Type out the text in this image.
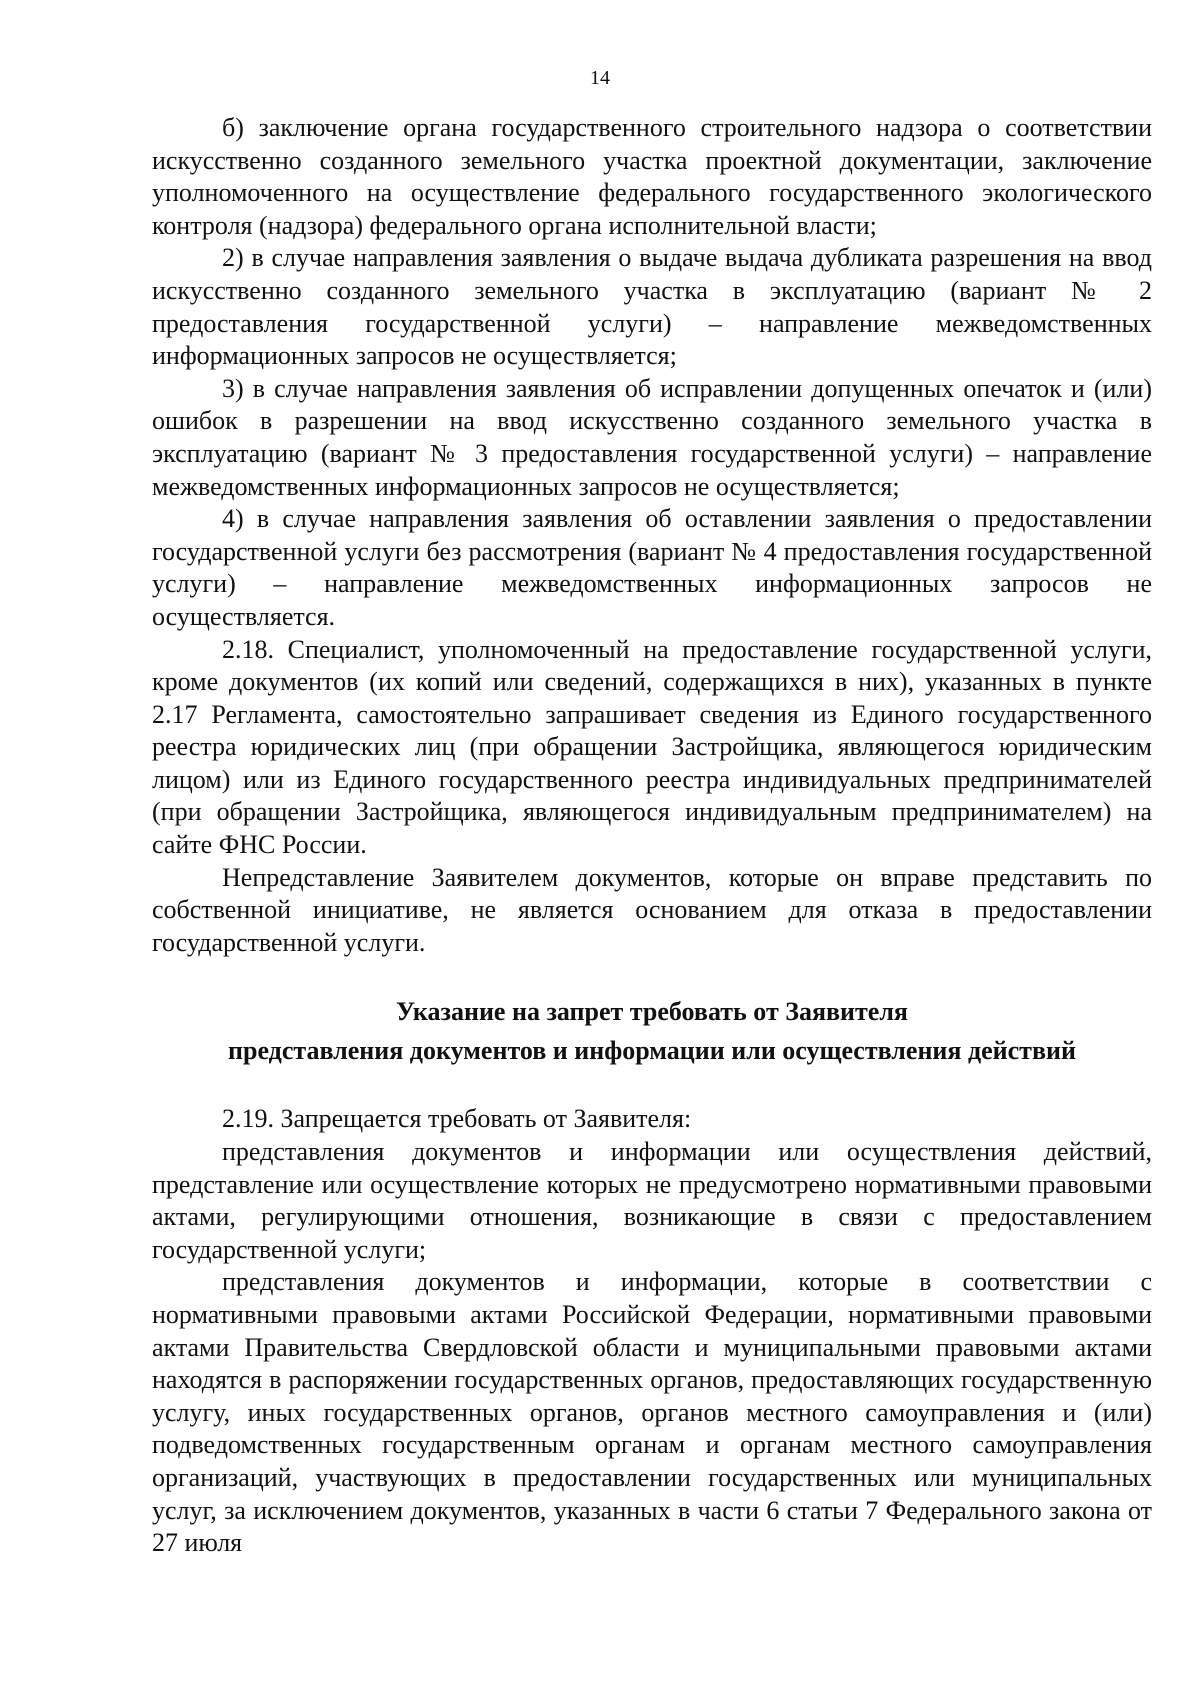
14

б) заключение органа государственного строительного надзора о соответствии искусственно созданного земельного участка проектной документации, заключение уполномоченного на осуществление федерального государственного экологического контроля (надзора) федерального органа исполнительной власти;

2) в случае направления заявления о выдаче выдача дубликата разрешения на ввод искусственно созданного земельного участка в эксплуатацию (вариант № 2 предоставления государственной услуги) – направление межведомственных информационных запросов не осуществляется;

3) в случае направления заявления об исправлении допущенных опечаток и (или) ошибок в разрешении на ввод искусственно созданного земельного участка в эксплуатацию (вариант № 3 предоставления государственной услуги) – направление межведомственных информационных запросов не осуществляется;

4) в случае направления заявления об оставлении заявления о предоставлении государственной услуги без рассмотрения (вариант № 4 предоставления государственной услуги) – направление межведомственных информационных запросов не осуществляется.

2.18. Специалист, уполномоченный на предоставление государственной услуги, кроме документов (их копий или сведений, содержащихся в них), указанных в пункте 2.17 Регламента, самостоятельно запрашивает сведения из Единого государственного реестра юридических лиц (при обращении Застройщика, являющегося юридическим лицом) или из Единого государственного реестра индивидуальных предпринимателей (при обращении Застройщика, являющегося индивидуальным предпринимателем) на сайте ФНС России.

Непредставление Заявителем документов, которые он вправе представить по собственной инициативе, не является основанием для отказа в предоставлении государственной услуги.

Указание на запрет требовать от Заявителя
представления документов и информации или осуществления действий

2.19. Запрещается требовать от Заявителя:

представления документов и информации или осуществления действий, представление или осуществление которых не предусмотрено нормативными правовыми актами, регулирующими отношения, возникающие в связи с предоставлением государственной услуги;

представления документов и информации, которые в соответствии с нормативными правовыми актами Российской Федерации, нормативными правовыми актами Правительства Свердловской области и муниципальными правовыми актами находятся в распоряжении государственных органов, предоставляющих государственную услугу, иных государственных органов, органов местного самоуправления и (или) подведомственных государственным органам и органам местного самоуправления организаций, участвующих в предоставлении государственных или муниципальных услуг, за исключением документов, указанных в части 6 статьи 7 Федерального закона от 27 июля
